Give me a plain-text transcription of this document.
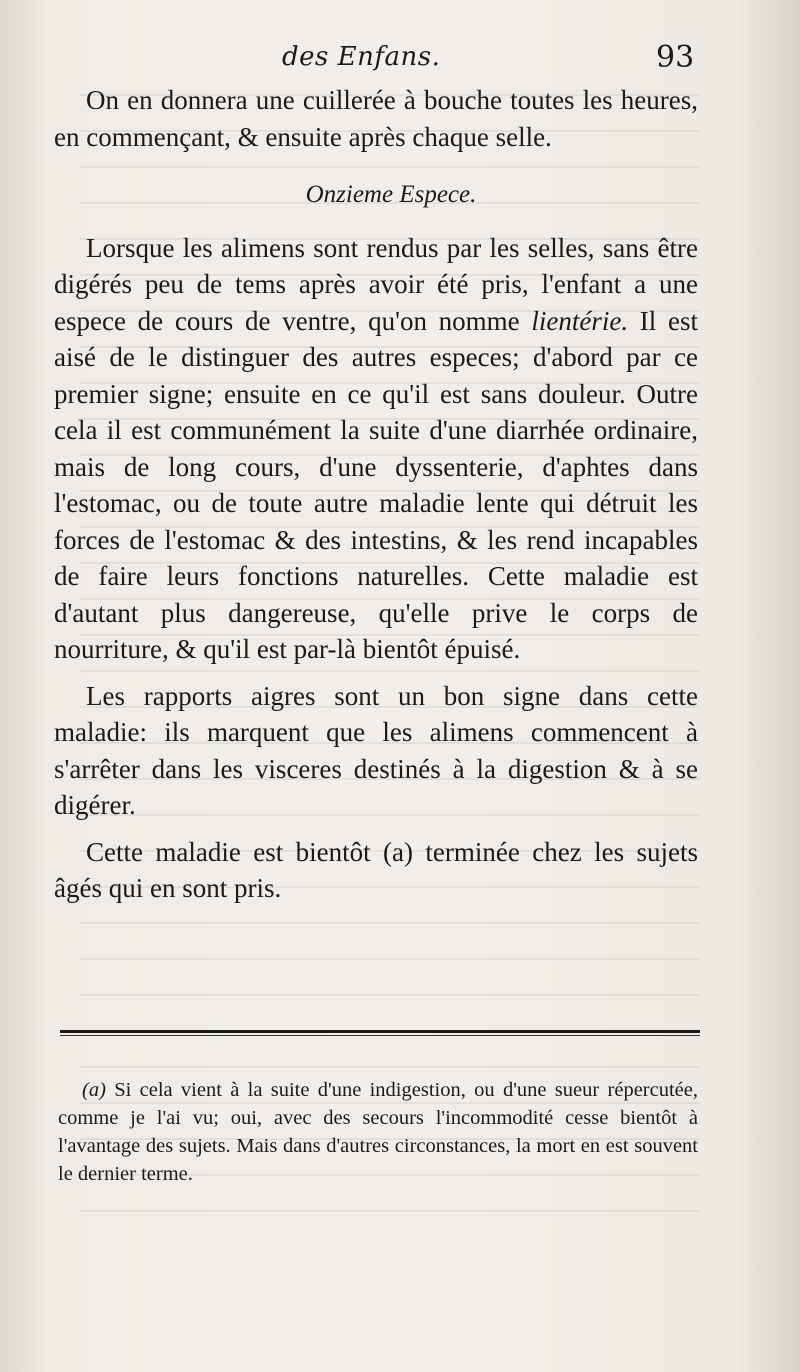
des Enfans.	93

On en donnera une cuillerée à bouche toutes les heures, en commençant, & ensuite après chaque selle.

Onzieme Espece.

Lorsque les alimens sont rendus par les selles, sans être digérés peu de tems après avoir été pris, l'enfant a une espece de cours de ventre, qu'on nomme lientérie. Il est aisé de le distinguer des autres especes; d'abord par ce premier signe; ensuite en ce qu'il est sans douleur. Outre cela il est communément la suite d'une diarrhée ordinaire, mais de long cours, d'une dyssenterie, d'aphtes dans l'estomac, ou de toute autre maladie lente qui détruit les forces de l'estomac & des intestins, & les rend incapables de faire leurs fonctions naturelles. Cette maladie est d'autant plus dangereuse, qu'elle prive le corps de nourriture, & qu'il est par-là bientôt épuisé.

Les rapports aigres sont un bon signe dans cette maladie: ils marquent que les alimens commencent à s'arrêter dans les visceres destinés à la digestion & à se digérer.

Cette maladie est bientôt (a) terminée chez les sujets âgés qui en sont pris.

(a) Si cela vient à la suite d'une indigestion, ou d'une sueur répercutée, comme je l'ai vu; oui, avec des secours l'incommodité cesse bientôt à l'avantage des sujets. Mais dans d'autres circonstances, la mort en est souvent le dernier terme.
